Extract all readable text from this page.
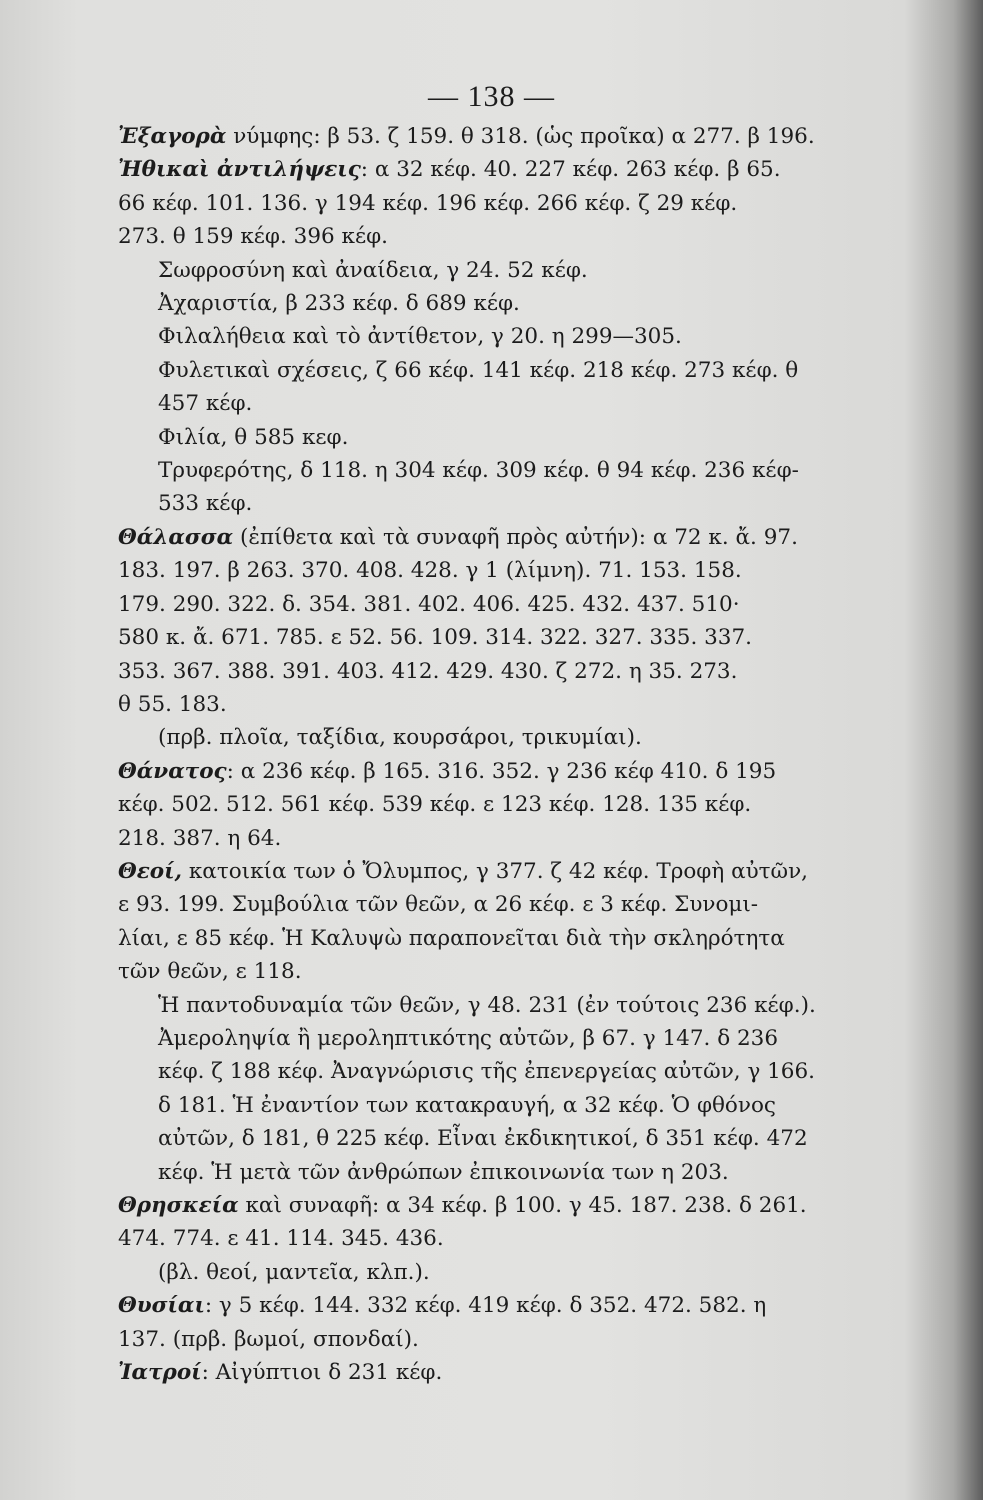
— 138 —
Ἐξαγορὰ νύμφης: β 53. ζ 159. θ 318. (ὡς προῖκα) α 277. β 196.
Ἠθικαὶ ἀντιλήψεις: α 32 κέφ. 40. 227 κέφ. 263 κέφ. β 65.
66 κέφ. 101. 136. γ 194 κέφ. 196 κέφ. 266 κέφ. ζ 29 κέφ.
273. θ 159 κέφ. 396 κέφ.
Σωφροσύνη καὶ ἀναίδεια, γ 24. 52 κέφ.
Ἀχαριστία, β 233 κέφ. δ 689 κέφ.
Φιλαλήθεια καὶ τὸ ἀντίθετον, γ 20. η 299—305.
Φυλετικαὶ σχέσεις, ζ 66 κέφ. 141 κέφ. 218 κέφ. 273 κέφ. θ
457 κέφ.
Φιλία, θ 585 κεφ.
Τρυφερότης, δ 118. η 304 κέφ. 309 κέφ. θ 94 κέφ. 236 κέφ-
533 κέφ.
Θάλασσα (ἐπίθετα καὶ τὰ συναφῆ πρὸς αὐτήν): α 72 κ. ἄ. 97.
183. 197. β 263. 370. 408. 428. γ 1 (λίμνη). 71. 153. 158.
179. 290. 322. δ. 354. 381. 402. 406. 425. 432. 437. 510·
580 κ. ἄ. 671. 785. ε 52. 56. 109. 314. 322. 327. 335. 337.
353. 367. 388. 391. 403. 412. 429. 430. ζ 272. η 35. 273.
θ 55. 183.
(πρβ. πλοῖα, ταξίδια, κουρσάροι, τρικυμίαι).
Θάνατος: α 236 κέφ. β 165. 316. 352. γ 236 κέφ 410. δ 195
κέφ. 502. 512. 561 κέφ. 539 κέφ. ε 123 κέφ. 128. 135 κέφ.
218. 387. η 64.
Θεοί, κατοικία των ὁ Ὄλυμπος, γ 377. ζ 42 κέφ. Τροφὴ αὐτῶν,
ε 93. 199. Συμβούλια τῶν θεῶν, α 26 κέφ. ε 3 κέφ. Συνομι-
λίαι, ε 85 κέφ. Ἡ Καλυψὼ παραπονεῖται διὰ τὴν σκληρότητα
τῶν θεῶν, ε 118.
Ἡ παντοδυναμία τῶν θεῶν, γ 48. 231 (ἐν τούτοις 236 κέφ.).
Ἀμεροληψία ἢ μεροληπτικότης αὐτῶν, β 67. γ 147. δ 236
κέφ. ζ 188 κέφ. Ἀναγνώρισις τῆς ἐπενεργείας αὐτῶν, γ 166.
δ 181. Ἡ ἐναντίον των κατακραυγή, α 32 κέφ. Ὁ φθόνος
αὐτῶν, δ 181, θ 225 κέφ. Εἶναι ἐκδικητικοί, δ 351 κέφ. 472
κέφ. Ἡ μετὰ τῶν ἀνθρώπων ἐπικοινωνία των η 203.
Θρησκεία καὶ συναφῆ: α 34 κέφ. β 100. γ 45. 187. 238. δ 261.
474. 774. ε 41. 114. 345. 436.
(βλ. θεοί, μαντεῖα, κλπ.).
Θυσίαι: γ 5 κέφ. 144. 332 κέφ. 419 κέφ. δ 352. 472. 582. η
137. (πρβ. βωμοί, σπονδαί).
Ἰατροί: Αἰγύπτιοι δ 231 κέφ.
